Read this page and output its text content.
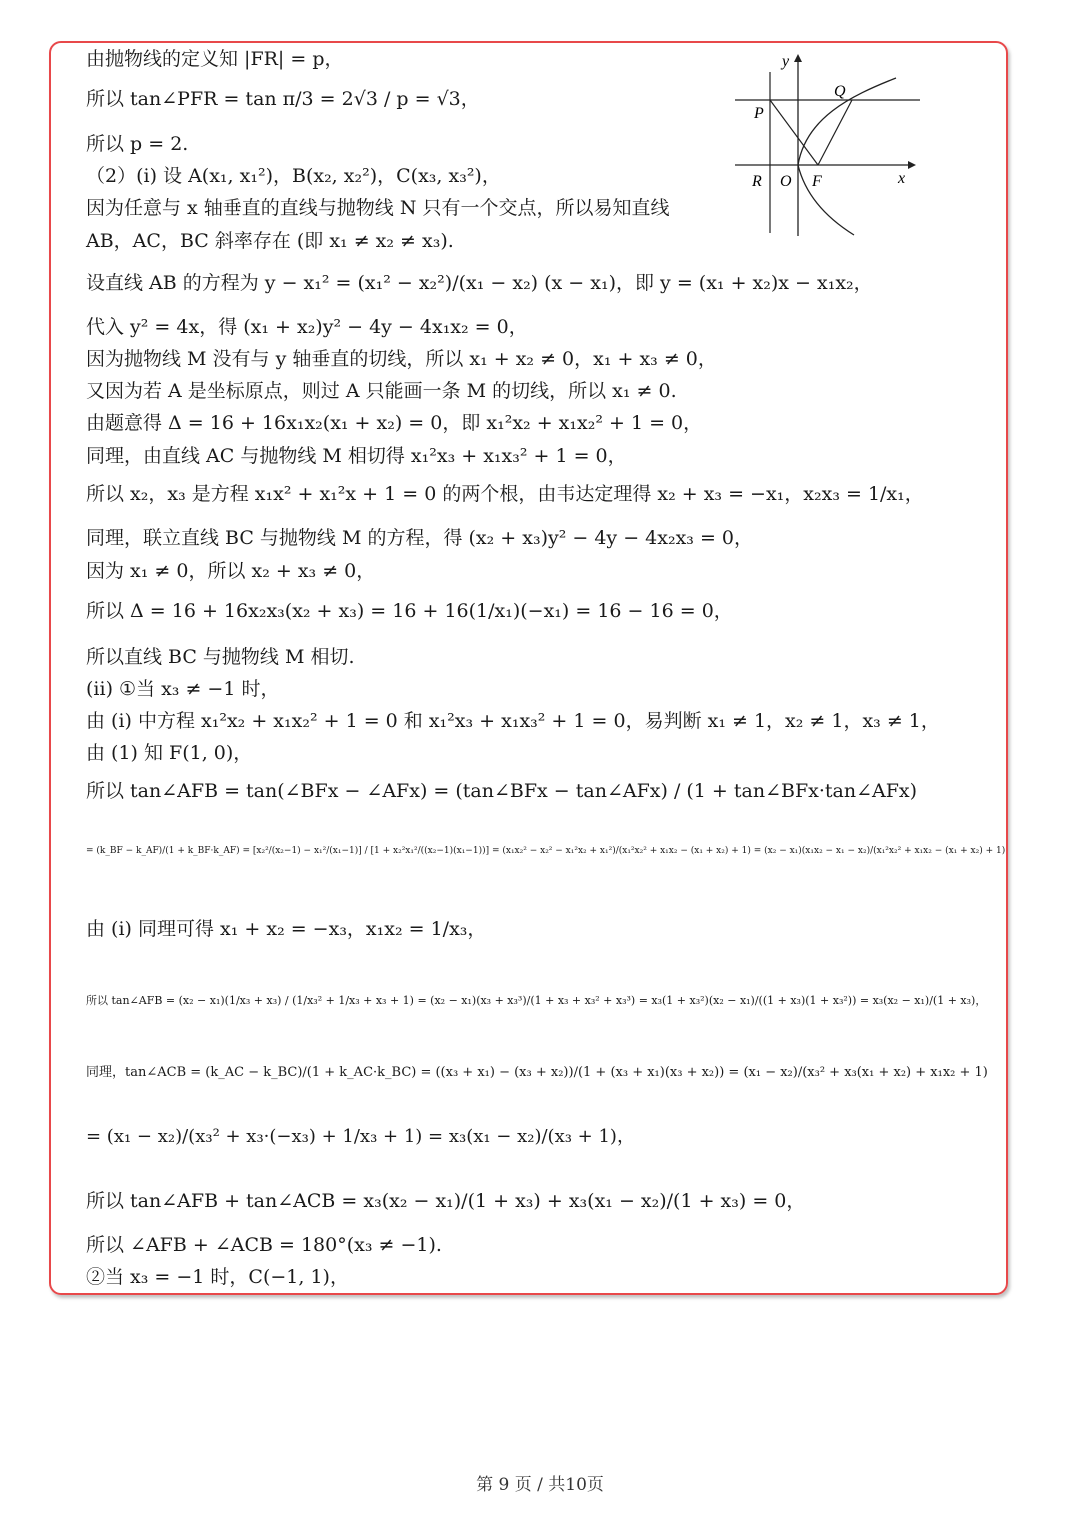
由抛物线的定义知 |FR| = p，
所以 tan∠PFR = tan π/3 = 2√3 / p = √3，
所以 p = 2.
（2）(i) 设 A(x₁, x₁²)，B(x₂, x₂²)，C(x₃, x₃²)，
因为任意与 x 轴垂直的直线与抛物线 N 只有一个交点，所以易知直线
AB，AC，BC 斜率存在 (即 x₁ ≠ x₂ ≠ x₃).
设直线 AB 的方程为 y − x₁² = (x₁² − x₂²)/(x₁ − x₂) (x − x₁)，即 y = (x₁ + x₂)x − x₁x₂，
代入 y² = 4x，得 (x₁ + x₂)y² − 4y − 4x₁x₂ = 0，
因为抛物线 M 没有与 y 轴垂直的切线，所以 x₁ + x₂ ≠ 0，x₁ + x₃ ≠ 0，
又因为若 A 是坐标原点，则过 A 只能画一条 M 的切线，所以 x₁ ≠ 0.
由题意得 Δ = 16 + 16x₁x₂(x₁ + x₂) = 0，即 x₁²x₂ + x₁x₂² + 1 = 0，
同理，由直线 AC 与抛物线 M 相切得 x₁²x₃ + x₁x₃² + 1 = 0，
所以 x₂，x₃ 是方程 x₁x² + x₁²x + 1 = 0 的两个根，由韦达定理得 x₂ + x₃ = −x₁，x₂x₃ = 1/x₁，
同理，联立直线 BC 与抛物线 M 的方程，得 (x₂ + x₃)y² − 4y − 4x₂x₃ = 0，
因为 x₁ ≠ 0，所以 x₂ + x₃ ≠ 0，
所以 Δ = 16 + 16x₂x₃(x₂ + x₃) = 16 + 16(1/x₁)(−x₁) = 16 − 16 = 0，
所以直线 BC 与抛物线 M 相切.
(ii) ①当 x₃ ≠ −1 时，
由 (i) 中方程 x₁²x₂ + x₁x₂² + 1 = 0 和 x₁²x₃ + x₁x₃² + 1 = 0，易判断 x₁ ≠ 1，x₂ ≠ 1，x₃ ≠ 1，
由 (1) 知 F(1, 0)，
所以 tan∠AFB = tan(∠BFx − ∠AFx) = (tan∠BFx − tan∠AFx) / (1 + tan∠BFx·tan∠AFx)
= (k_BF − k_AF)/(1 + k_BF·k_AF) = [x₂²/(x₂−1) − x₁²/(x₁−1)] / [1 + x₂²x₁²/((x₂−1)(x₁−1))] = (x₁x₂² − x₂² − x₁²x₂ + x₁²)/(x₁²x₂² + x₁x₂ − (x₁ + x₂) + 1) = (x₂ − x₁)(x₁x₂ − x₁ − x₂)/(x₁²x₂² + x₁x₂ − (x₁ + x₂) + 1)
由 (i) 同理可得 x₁ + x₂ = −x₃，x₁x₂ = 1/x₃，
所以 tan∠AFB = (x₂ − x₁)(1/x₃ + x₃) / (1/x₃² + 1/x₃ + x₃ + 1) = (x₂ − x₁)(x₃ + x₃³)/(1 + x₃ + x₃² + x₃³) = x₃(1 + x₃²)(x₂ − x₁)/((1 + x₃)(1 + x₃²)) = x₃(x₂ − x₁)/(1 + x₃)，
同理，tan∠ACB = (k_AC − k_BC)/(1 + k_AC·k_BC) = ((x₃ + x₁) − (x₃ + x₂))/(1 + (x₃ + x₁)(x₃ + x₂)) = (x₁ − x₂)/(x₃² + x₃(x₁ + x₂) + x₁x₂ + 1)
= (x₁ − x₂)/(x₃² + x₃·(−x₃) + 1/x₃ + 1) = x₃(x₁ − x₂)/(x₃ + 1)，
所以 tan∠AFB + tan∠ACB = x₃(x₂ − x₁)/(1 + x₃) + x₃(x₁ − x₂)/(1 + x₃) = 0，
所以 ∠AFB + ∠ACB = 180°(x₃ ≠ −1).
②当 x₃ = −1 时，C(−1, 1)，
y
Q
P
R O F	x
第 9 页 / 共10页
